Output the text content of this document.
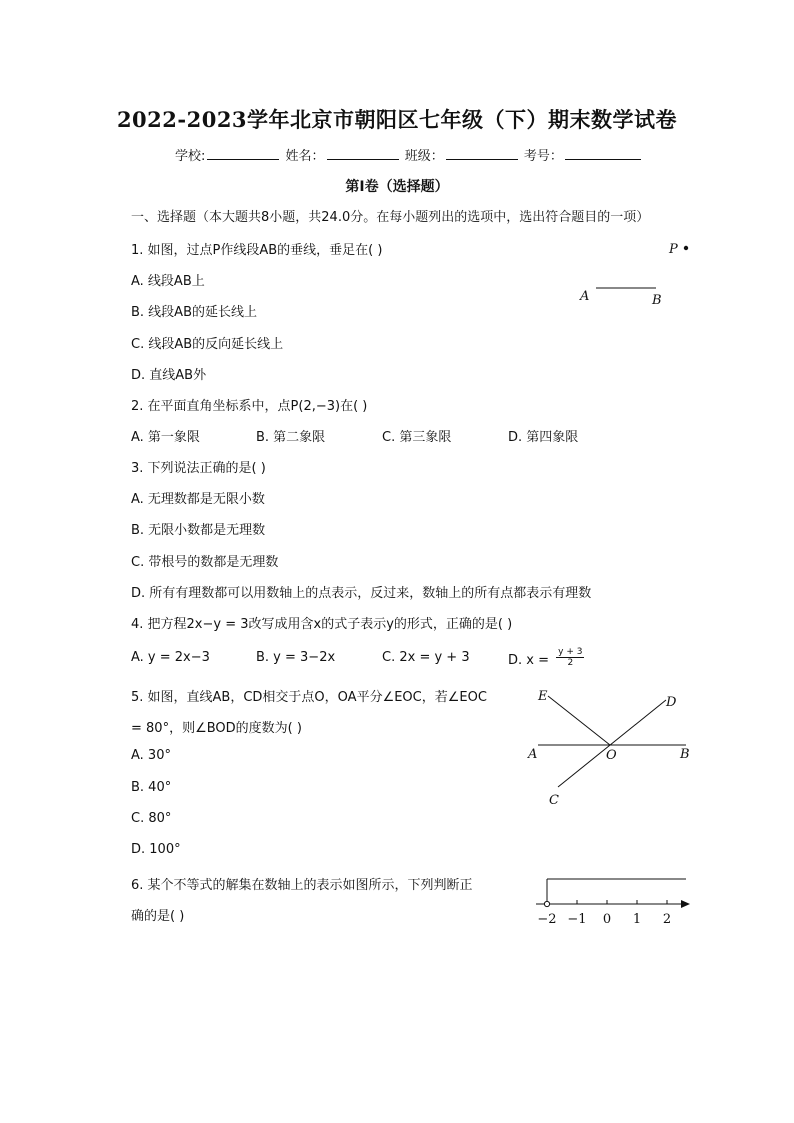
2022-2023学年北京市朝阳区七年级（下）期末数学试卷
学校:	姓名：	班级：	考号：
第I卷（选择题）
一、选择题（本大题共8小题，共24.0分。在每小题列出的选项中，选出符合题目的一项）
1. 如图，过点P作线段AB的垂线，垂足在( )
A. 线段AB上
B. 线段AB的延长线上
C. 线段AB的反向延长线上
D. 直线AB外
P
A	B
2. 在平面直角坐标系中，点P(2,−3)在( )
A. 第一象限	B. 第二象限	C. 第三象限	D. 第四象限
3. 下列说法正确的是( )
A. 无理数都是无限小数
B. 无限小数都是无理数
C. 带根号的数都是无理数
D. 所有有理数都可以用数轴上的点表示，反过来，数轴上的所有点都表示有理数
4. 把方程2x−y = 3改写成用含x的式子表示y的形式，正确的是( )
A. y = 2x−3	B. y = 3−2x	C. 2x = y + 3	D. $x = \frac{y + 3}{2}$
5. 如图，直线AB，CD相交于点O，OA平分∠EOC，若∠EOC
= 80°，则∠BOD的度数为( )
A. 30°
B. 40°
C. 80°
D. 100°
E	D
A	O	B
C
6. 某个不等式的解集在数轴上的表示如图所示，下列判断正
确的是( )	−2 −1 0 1 2
